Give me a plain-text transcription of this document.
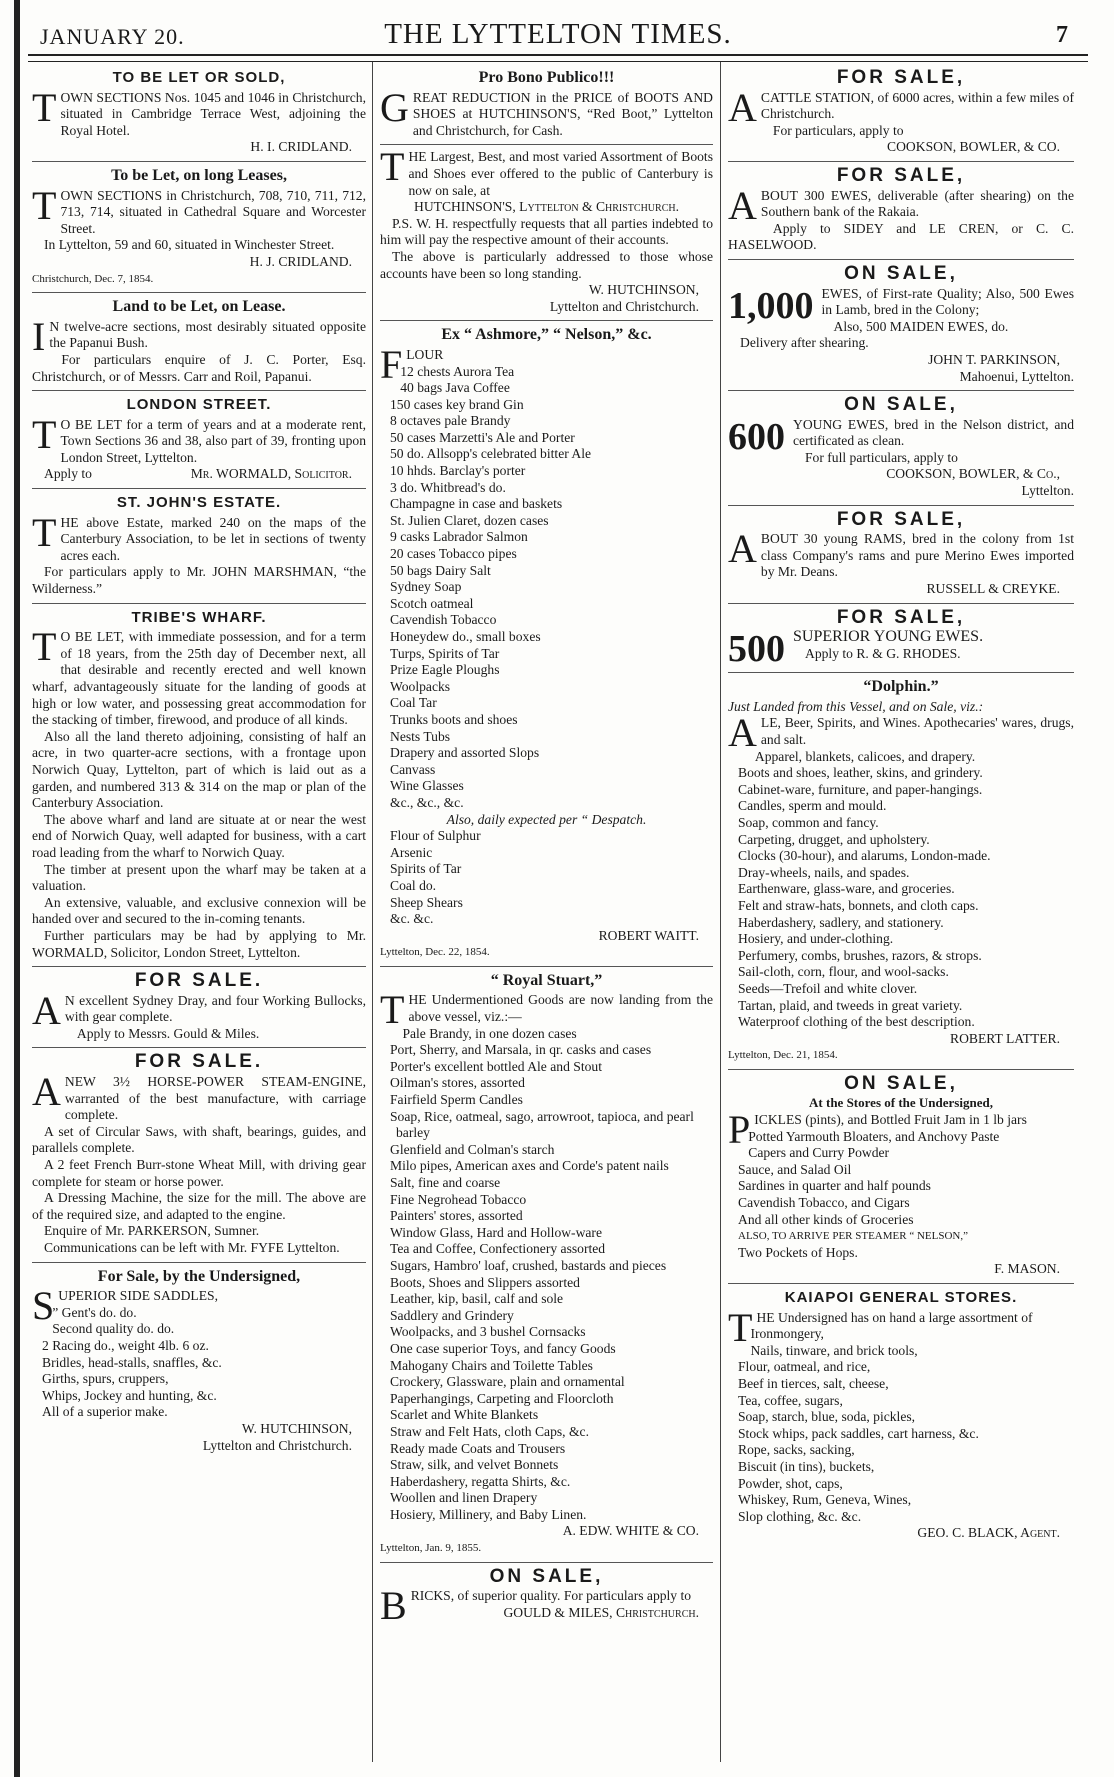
JANUARY 20.	THE LYTTELTON TIMES.	7
TO BE LET OR SOLD,
T OWN SECTIONS Nos. 1045 and 1046 in Christchurch, situated in Cambridge Terrace West, adjoining the Royal Hotel.

H. I. CRIDLAND.
To be Let, on long Leases,
T OWN SECTIONS in Christchurch, 708, 710, 711, 712, 713, 714, situated in Cathedral Square and Worcester Street.

In Lyttelton, 59 and 60, situated in Winchester Street.

H. J. CRIDLAND.
Christchurch, Dec. 7, 1854.
Land to be Let, on Lease.
I N twelve-acre sections, most desirably situated opposite the Papanui Bush.

For particulars enquire of J. C. Porter, Esq. Christchurch, or of Messrs. Carr and Roil, Papanui.

LONDON STREET.
T O BE LET for a term of years and at a moderate rent, Town Sections 36 and 38, also part of 39, fronting upon London Street, Lyttelton.

Apply to	Mr. WORMALD, Solicitor.
ST. JOHN'S ESTATE.
T HE above Estate, marked 240 on the maps of the Canterbury Association, to be let in sections of twenty acres each.

For particulars apply to Mr. JOHN MARSHMAN, “the Wilderness.”

TRIBE'S WHARF.
T O BE LET, with immediate possession, and for a term of 18 years, from the 25th day of December next, all that desirable and recently erected and well known wharf, advantageously situate for the landing of goods at high or low water, and possessing great accommodation for the stacking of timber, firewood, and produce of all kinds.

Also all the land thereto adjoining, consisting of half an acre, in two quarter-acre sections, with a frontage upon Norwich Quay, Lyttelton, part of which is laid out as a garden, and numbered 313 & 314 on the map or plan of the Canterbury Association.

The above wharf and land are situate at or near the west end of Norwich Quay, well adapted for business, with a cart road leading from the wharf to Norwich Quay.

The timber at present upon the wharf may be taken at a valuation.

An extensive, valuable, and exclusive connexion will be handed over and secured to the in-coming tenants.

Further particulars may be had by applying to Mr. WORMALD, Solicitor, London Street, Lyttelton.

FOR SALE.
A N excellent Sydney Dray, and four Working Bullocks, with gear complete.

Apply to Messrs. Gould & Miles.

FOR SALE.
A NEW 3½ HORSE-POWER STEAM-ENGINE, warranted of the best manufacture, with carriage complete.

A set of Circular Saws, with shaft, bearings, guides, and parallels complete.

A 2 feet French Burr-stone Wheat Mill, with driving gear complete for steam or horse power.

A Dressing Machine, the size for the mill. The above are of the required size, and adapted to the engine.

Enquire of Mr. PARKERSON, Sumner.

Communications can be left with Mr. FYFE Lyttelton.

For Sale, by the Undersigned,
S UPERIOR SIDE SADDLES,

” Gent's do. do.
Second quality do. do.
2 Racing do., weight 4lb. 6 oz.
Bridles, head-stalls, snaffles, &c.
Girths, spurs, cruppers,
Whips, Jockey and hunting, &c.
All of a superior make.
W. HUTCHINSON,
Lyttelton and Christchurch.
Pro Bono Publico!!!
G REAT REDUCTION in the PRICE of BOOTS AND SHOES at HUTCHINSON'S, “Red Boot,” Lyttelton and Christchurch, for Cash.

T HE Largest, Best, and most varied Assortment of Boots and Shoes ever offered to the public of Canterbury is now on sale, at

HUTCHINSON'S, Lyttelton & Christchurch.

P.S. W. H. respectfully requests that all parties indebted to him will pay the respective amount of their accounts.

The above is particularly addressed to those whose accounts have been so long standing.

W. HUTCHINSON,
Lyttelton and Christchurch.
Ex “ Ashmore,” “ Nelson,” &c.
F LOUR
12 chests Aurora Tea
40 bags Java Coffee
150 cases key brand Gin
8 octaves pale Brandy
50 cases Marzetti's Ale and Porter
50 do. Allsopp's celebrated bitter Ale
10 hhds. Barclay's porter
3 do. Whitbread's do.
Champagne in case and baskets
St. Julien Claret, dozen cases
9 casks Labrador Salmon
20 cases Tobacco pipes
50 bags Dairy Salt
Sydney Soap
Scotch oatmeal
Cavendish Tobacco
Honeydew do., small boxes
Turps, Spirits of Tar
Prize Eagle Ploughs
Woolpacks
Coal Tar
Trunks boots and shoes
Nests Tubs
Drapery and assorted Slops
Canvass
Wine Glasses
&c., &c., &c.
Also, daily expected per “ Despatch.
Flour of Sulphur
Arsenic
Spirits of Tar
Coal do.
Sheep Shears
&c. &c.
ROBERT WAITT.
Lyttelton, Dec. 22, 1854.
“ Royal Stuart,”
T HE Undermentioned Goods are now landing from the above vessel, viz.:—

Pale Brandy, in one dozen cases
Port, Sherry, and Marsala, in qr. casks and cases
Porter's excellent bottled Ale and Stout
Oilman's stores, assorted
Fairfield Sperm Candles
Soap, Rice, oatmeal, sago, arrowroot, tapioca, and pearl barley
Glenfield and Colman's starch
Milo pipes, American axes and Corde's patent nails
Salt, fine and coarse
Fine Negrohead Tobacco
Painters' stores, assorted
Window Glass, Hard and Hollow-ware
Tea and Coffee, Confectionery assorted
Sugars, Hambro' loaf, crushed, bastards and pieces
Boots, Shoes and Slippers assorted
Leather, kip, basil, calf and sole
Saddlery and Grindery
Woolpacks, and 3 bushel Cornsacks
One case superior Toys, and fancy Goods
Mahogany Chairs and Toilette Tables
Crockery, Glassware, plain and ornamental
Paperhangings, Carpeting and Floorcloth
Scarlet and White Blankets
Straw and Felt Hats, cloth Caps, &c.
Ready made Coats and Trousers
Straw, silk, and velvet Bonnets
Haberdashery, regatta Shirts, &c.
Woollen and linen Drapery
Hosiery, Millinery, and Baby Linen.
A. EDW. WHITE & CO.
Lyttelton, Jan. 9, 1855.
ON SALE,
B RICKS, of superior quality. For particulars apply to

GOULD & MILES, Christchurch.
FOR SALE,
A CATTLE STATION, of 6000 acres, within a few miles of Christchurch.

For particulars, apply to

COOKSON, BOWLER, & CO.
FOR SALE,
A BOUT 300 EWES, deliverable (after shearing) on the Southern bank of the Rakaia.

Apply to SIDEY and LE CREN, or C. C. HASELWOOD.

ON SALE,
1,000 EWES, of First-rate Quality; Also, 500 Ewes in Lamb, bred in the Colony;

Also, 500 MAIDEN EWES, do.

Delivery after shearing.

JOHN T. PARKINSON,
Mahoenui, Lyttelton.
ON SALE,
600 YOUNG EWES, bred in the Nelson district, and certificated as clean.

For full particulars, apply to

COOKSON, BOWLER, & Co.,
Lyttelton.
FOR SALE,
A BOUT 30 young RAMS, bred in the colony from 1st class Company's rams and pure Merino Ewes imported by Mr. Deans.

RUSSELL & CREYKE.
FOR SALE,
500 SUPERIOR YOUNG EWES.

Apply to R. & G. RHODES.

“Dolphin.”
Just Landed from this Vessel, and on Sale, viz.:
A LE, Beer, Spirits, and Wines. Apothecaries' wares, drugs, and salt.

Apparel, blankets, calicoes, and drapery.
Boots and shoes, leather, skins, and grindery.
Cabinet-ware, furniture, and paper-hangings.
Candles, sperm and mould.
Soap, common and fancy.
Carpeting, drugget, and upholstery.
Clocks (30-hour), and alarums, London-made.
Dray-wheels, nails, and spades.
Earthenware, glass-ware, and groceries.
Felt and straw-hats, bonnets, and cloth caps.
Haberdashery, sadlery, and stationery.
Hosiery, and under-clothing.
Perfumery, combs, brushes, razors, & strops.
Sail-cloth, corn, flour, and wool-sacks.
Seeds—Trefoil and white clover.
Tartan, plaid, and tweeds in great variety.
Waterproof clothing of the best description.
ROBERT LATTER.
Lyttelton, Dec. 21, 1854.
ON SALE,
At the Stores of the Undersigned,
P ICKLES (pints), and Bottled Fruit Jam in 1 lb jars

Potted Yarmouth Bloaters, and Anchovy Paste
Capers and Curry Powder
Sauce, and Salad Oil
Sardines in quarter and half pounds
Cavendish Tobacco, and Cigars
And all other kinds of Groceries
ALSO, TO ARRIVE PER STEAMER “ NELSON,”
Two Pockets of Hops.
F. MASON.
KAIAPOI GENERAL STORES.
T HE Undersigned has on hand a large assortment of

Ironmongery,
Nails, tinware, and brick tools,
Flour, oatmeal, and rice,
Beef in tierces, salt, cheese,
Tea, coffee, sugars,
Soap, starch, blue, soda, pickles,
Stock whips, pack saddles, cart harness, &c.
Rope, sacks, sacking,
Biscuit (in tins), buckets,
Powder, shot, caps,
Whiskey, Rum, Geneva, Wines,
Slop clothing, &c. &c.
GEO. C. BLACK, Agent.
